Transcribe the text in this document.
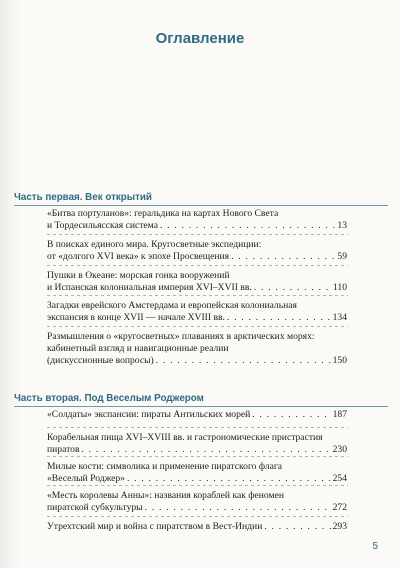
Оглавление

Часть первая. Век открытий
«Битва портуланов»: геральдика на картах Нового Света
и Тордесильясская система . . .	13
В поисках единого мира. Кругосветные экспедиции:
от «долгого XVI века» к эпохе Просвещения . . .	59
Пушки в Океане: морская гонка вооружений
и Испанская колониальная империя XVI–XVII вв. . . .	110
Загадки еврейского Амстердама и европейская колониальная
экспансия в конце XVII — начале XVIII вв. . . .	134
Размышления о «кругосветных» плаваниях в арктических морях:
кабинетный взгляд и навигационные реалии
(дискуссионные вопросы) . . .	150
Часть вторая. Под Веселым Роджером
«Солдаты» экспансии: пираты Антильских морей . . .	187
Корабельная пища XVI–XVIII вв. и гастрономические пристрастия
пиратов . . .	230
Милые кости: символика и применение пиратского флага
«Веселый Роджер» . . .	254
«Месть королевы Анны»: названия кораблей как феномен
пиратской субкультуры . . .	272
Утрехтский мир и война с пиратством в Вест-Индии . . .	293
5
